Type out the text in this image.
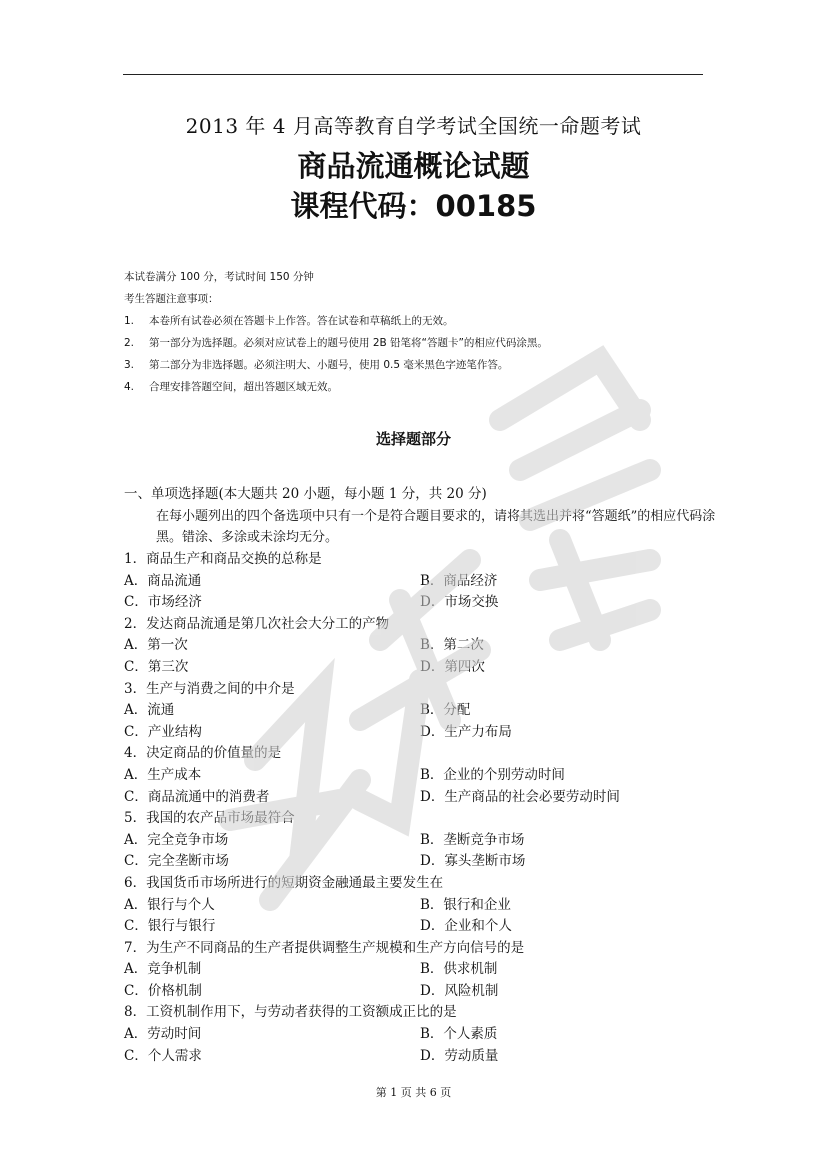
2013 年 4 月高等教育自学考试全国统一命题考试
商品流通概论试题
课程代码：00185
本试卷满分 100 分，考试时间 150 分钟
考生答题注意事项：
1. 本卷所有试卷必须在答题卡上作答。答在试卷和草稿纸上的无效。
2. 第一部分为选择题。必须对应试卷上的题号使用 2B 铅笔将“答题卡”的相应代码涂黑。
3. 第二部分为非选择题。必须注明大、小题号，使用 0.5 毫米黑色字迹笔作答。
4. 合理安排答题空间，超出答题区域无效。
选择题部分
一、单项选择题(本大题共 20 小题，每小题 1 分，共 20 分)
在每小题列出的四个备选项中只有一个是符合题目要求的，请将其选出并将“答题纸”的相应代码涂黑。错涂、多涂或未涂均无分。
1．商品生产和商品交换的总称是
A．商品流通	B．商品经济
C．市场经济	D．市场交换
2．发达商品流通是第几次社会大分工的产物
A．第一次	B．第二次
C．第三次	D．第四次
3．生产与消费之间的中介是
A．流通	B．分配
C．产业结构	D．生产力布局
4．决定商品的价值量的是
A．生产成本	B．企业的个别劳动时间
C．商品流通中的消费者	D．生产商品的社会必要劳动时间
5．我国的农产品市场最符合
A．完全竞争市场	B．垄断竞争市场
C．完全垄断市场	D．寡头垄断市场
6．我国货币市场所进行的短期资金融通最主要发生在
A．银行与个人	B．银行和企业
C．银行与银行	D．企业和个人
7．为生产不同商品的生产者提供调整生产规模和生产方向信号的是
A．竞争机制	B．供求机制
C．价格机制	D．风险机制
8．工资机制作用下，与劳动者获得的工资额成正比的是
A．劳动时间	B．个人素质
C．个人需求	D．劳动质量
第 1 页 共 6 页
